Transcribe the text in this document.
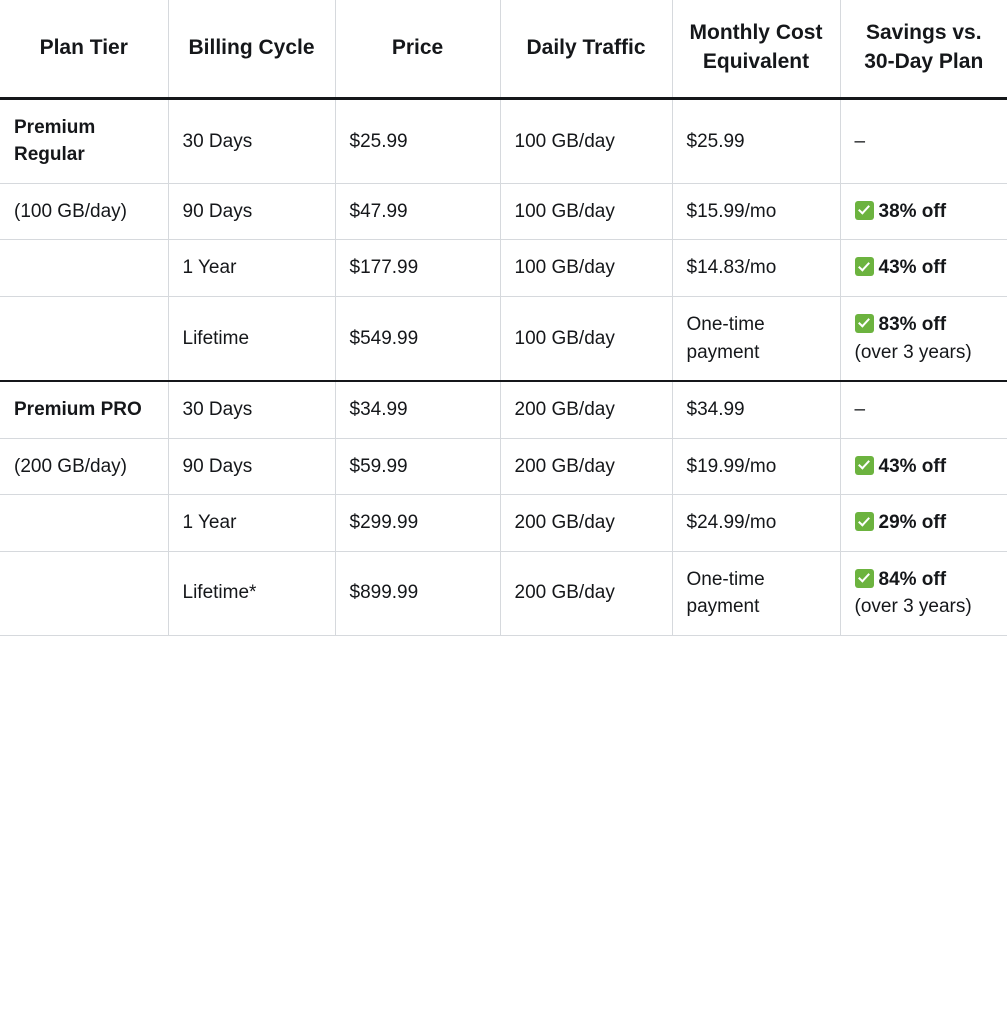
Plan Tier	Billing Cycle	Price	Daily Traffic	Monthly Cost Equivalent	Savings vs. 30-Day Plan
Premium Regular	30 Days	$25.99	100 GB/day	$25.99	–
(100 GB/day)	90 Days	$47.99	100 GB/day	$15.99/mo	38% off
	1 Year	$177.99	100 GB/day	$14.83/mo	43% off
	Lifetime	$549.99	100 GB/day	One-time payment	83% off (over 3 years)
Premium PRO	30 Days	$34.99	200 GB/day	$34.99	–
(200 GB/day)	90 Days	$59.99	200 GB/day	$19.99/mo	43% off
	1 Year	$299.99	200 GB/day	$24.99/mo	29% off
	Lifetime*	$899.99	200 GB/day	One-time payment	84% off (over 3 years)
